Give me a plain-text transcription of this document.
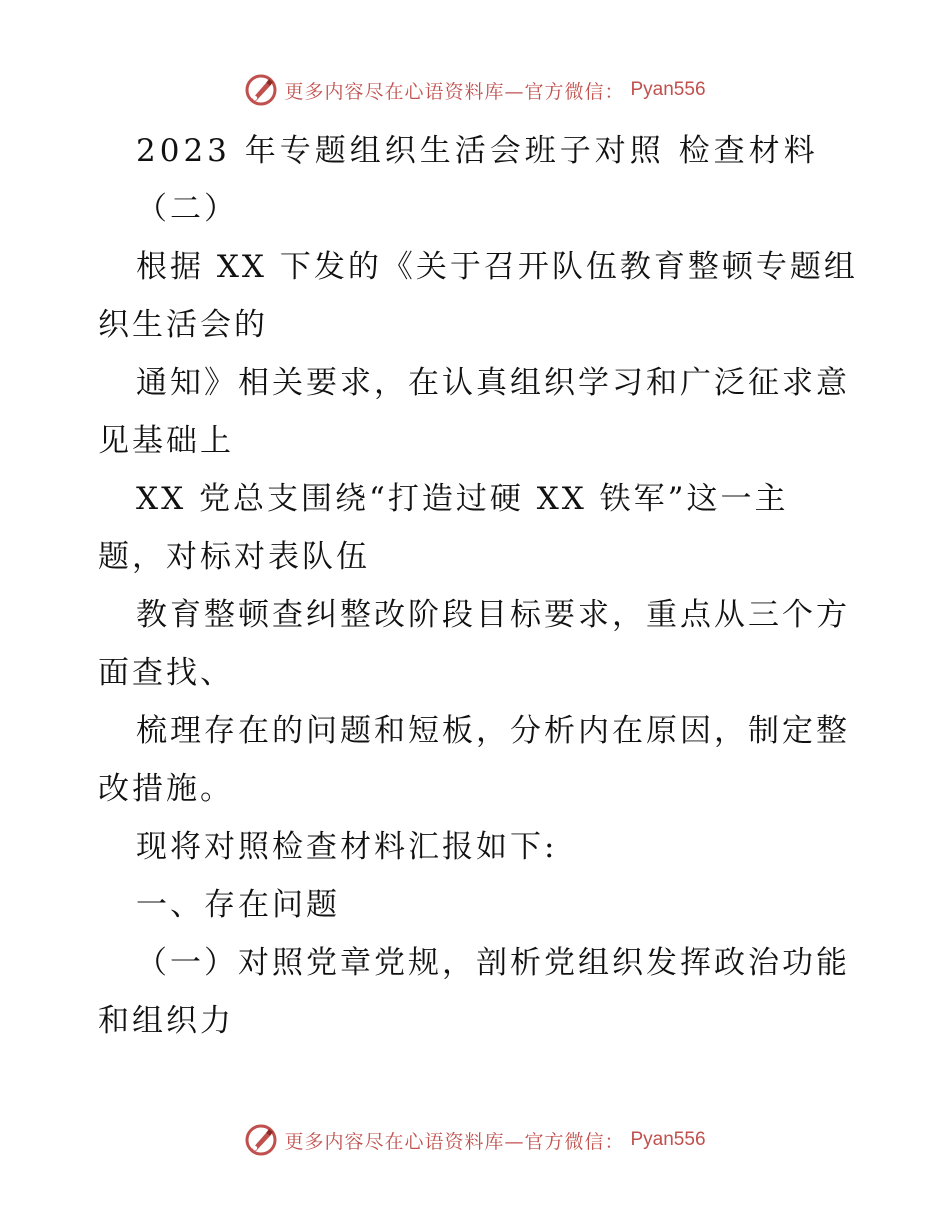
更多内容尽在心语资料库—官方微信： Pyan556
2023 年专题组织生活会班子对照 检查材料
（二）
根据 XX 下发的《关于召开队伍教育整顿专题组
织生活会的
通知》相关要求，在认真组织学习和广泛征求意
见基础上
XX 党总支围绕“打造过硬 XX 铁军”这一主
题，对标对表队伍
教育整顿查纠整改阶段目标要求，重点从三个方
面查找、
梳理存在的问题和短板，分析内在原因，制定整
改措施。
现将对照检查材料汇报如下:
一、存在问题
（一）对照党章党规，剖析党组织发挥政治功能
和组织力
更多内容尽在心语资料库—官方微信： Pyan556
